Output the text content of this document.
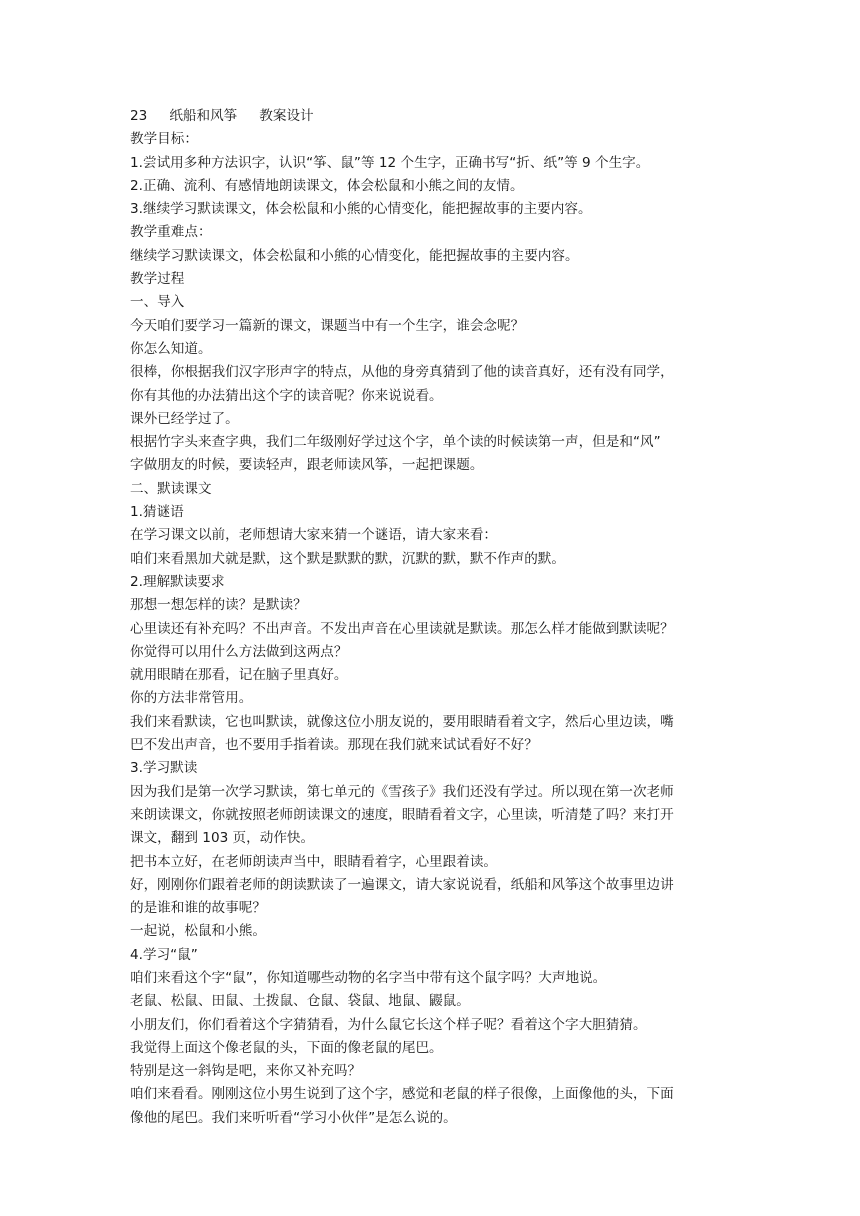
23 纸船和风筝 教案设计
教学目标：
1.尝试用多种方法识字，认识“筝、鼠”等 12 个生字，正确书写“折、纸”等 9 个生字。
2.正确、流利、有感情地朗读课文，体会松鼠和小熊之间的友情。
3.继续学习默读课文，体会松鼠和小熊的心情变化，能把握故事的主要内容。
教学重难点：
继续学习默读课文，体会松鼠和小熊的心情变化，能把握故事的主要内容。
教学过程
一、导入
今天咱们要学习一篇新的课文，课题当中有一个生字，谁会念呢？
你怎么知道。
很棒，你根据我们汉字形声字的特点，从他的身旁真猜到了他的读音真好，还有没有同学，
你有其他的办法猜出这个字的读音呢？你来说说看。
课外已经学过了。
根据竹字头来查字典，我们二年级刚好学过这个字，单个读的时候读第一声，但是和“风”
字做朋友的时候，要读轻声，跟老师读风筝，一起把课题。
二、默读课文
1.猜谜语
在学习课文以前，老师想请大家来猜一个谜语，请大家来看：
咱们来看黑加犬就是默，这个默是默默的默，沉默的默，默不作声的默。
2.理解默读要求
那想一想怎样的读？是默读？
心里读还有补充吗？不出声音。不发出声音在心里读就是默读。那怎么样才能做到默读呢？
你觉得可以用什么方法做到这两点？
就用眼睛在那看，记在脑子里真好。
你的方法非常管用。
我们来看默读，它也叫默读，就像这位小朋友说的，要用眼睛看着文字，然后心里边读，嘴
巴不发出声音，也不要用手指着读。那现在我们就来试试看好不好？
3.学习默读
因为我们是第一次学习默读，第七单元的《雪孩子》我们还没有学过。所以现在第一次老师
来朗读课文，你就按照老师朗读课文的速度，眼睛看着文字，心里读，听清楚了吗？来打开
课文，翻到 103 页，动作快。
把书本立好，在老师朗读声当中，眼睛看着字，心里跟着读。
好，刚刚你们跟着老师的朗读默读了一遍课文，请大家说说看，纸船和风筝这个故事里边讲
的是谁和谁的故事呢？
一起说，松鼠和小熊。
4.学习“鼠”
咱们来看这个字“鼠”，你知道哪些动物的名字当中带有这个鼠字吗？大声地说。
老鼠、松鼠、田鼠、土拨鼠、仓鼠、袋鼠、地鼠、鼹鼠。
小朋友们，你们看着这个字猜猜看，为什么鼠它长这个样子呢？看着这个字大胆猜猜。
我觉得上面这个像老鼠的头，下面的像老鼠的尾巴。
特别是这一斜钩是吧，来你又补充吗？
咱们来看看。刚刚这位小男生说到了这个字，感觉和老鼠的样子很像，上面像他的头，下面
像他的尾巴。我们来听听看“学习小伙伴”是怎么说的。
